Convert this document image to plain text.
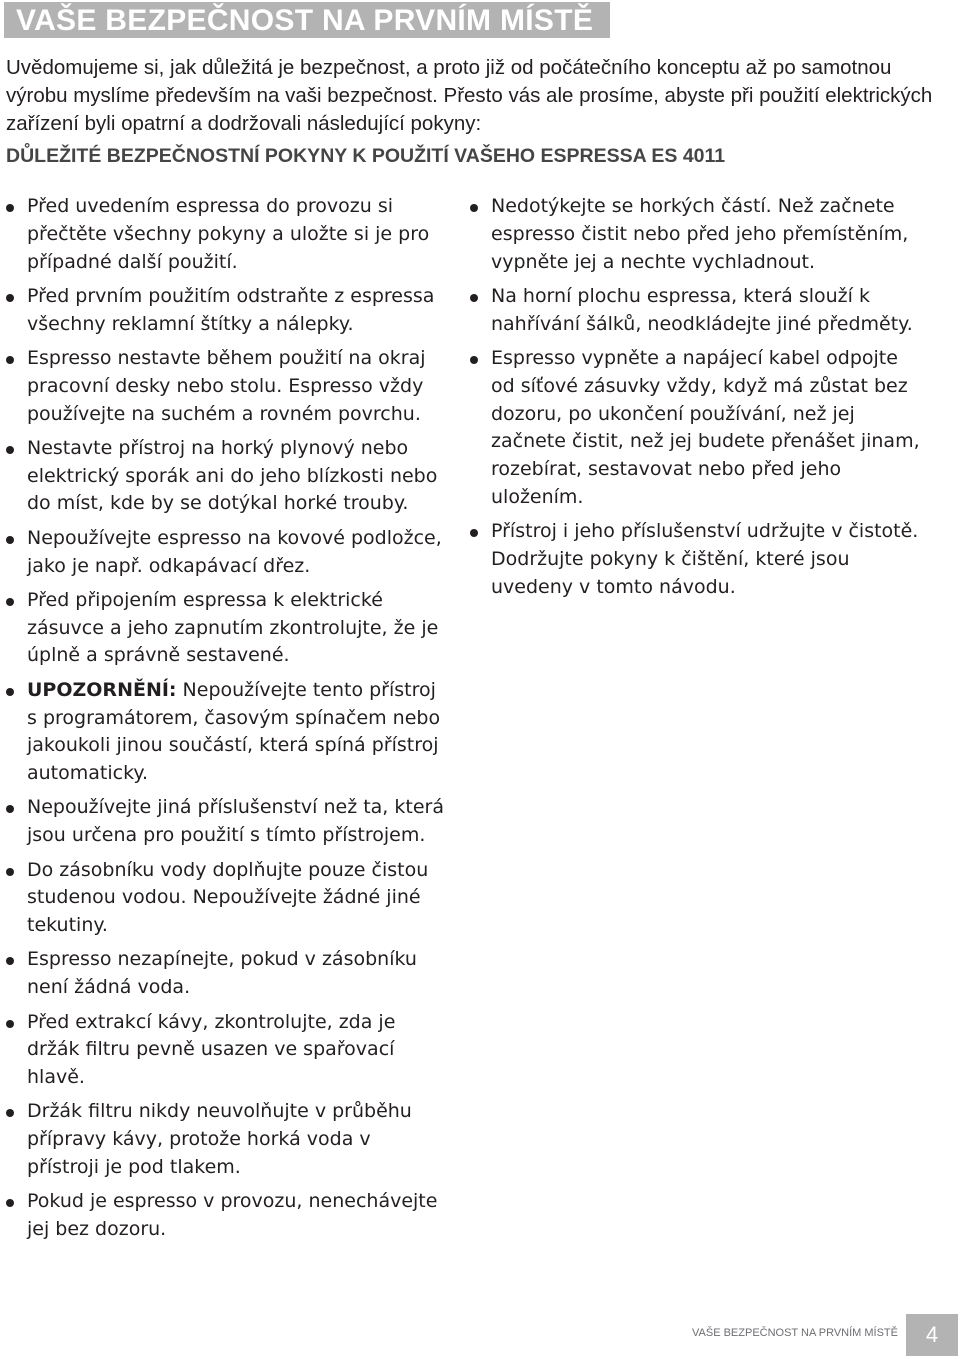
VAŠE BEZPEČNOST NA PRVNÍM MÍSTĚ

Uvědomujeme si, jak důležitá je bezpečnost, a proto již od počátečního konceptu až po samotnou výrobu myslíme především na vaši bezpečnost. Přesto vás ale prosíme, abyste při použití elektrických zařízení byli opatrní a dodržovali následující pokyny:

DŮLEŽITÉ BEZPEČNOSTNÍ POKYNY K POUŽITÍ VAŠEHO ESPRESSA ES 4011
Před uvedením espressa do provozu si přečtěte všechny pokyny a uložte si je pro případné další použití.
Před prvním použitím odstraňte z espressa všechny reklamní štítky a nálepky.
Espresso nestavte během použití na okraj pracovní desky nebo stolu. Espresso vždy používejte na suchém a rovném povrchu.
Nestavte přístroj na horký plynový nebo elektrický sporák ani do jeho blízkosti nebo do míst, kde by se dotýkal horké trouby.
Nepoužívejte espresso na kovové podložce, jako je např. odkapávací dřez.
Před připojením espressa k elektrické zásuvce a jeho zapnutím zkontrolujte, že je úplně a správně sestavené.
UPOZORNĚNÍ: Nepoužívejte tento přístroj s programátorem, časovým spínačem nebo jakoukoli jinou součástí, která spíná přístroj automaticky.
Nepoužívejte jiná příslušenství než ta, která jsou určena pro použití s tímto přístrojem.
Do zásobníku vody doplňujte pouze čistou studenou vodou. Nepoužívejte žádné jiné tekutiny.
Espresso nezapínejte, pokud v zásobníku není žádná voda.
Před extrakcí kávy, zkontrolujte, zda je držák filtru pevně usazen ve spařovací hlavě.
Držák filtru nikdy neuvolňujte v průběhu přípravy kávy, protože horká voda v přístroji je pod tlakem.
Pokud je espresso v provozu, nenechávejte jej bez dozoru.
Nedotýkejte se horkých částí. Než začnete espresso čistit nebo před jeho přemístěním, vypněte jej a nechte vychladnout.
Na horní plochu espressa, která slouží k nahřívání šálků, neodkládejte jiné předměty.
Espresso vypněte a napájecí kabel odpojte od síťové zásuvky vždy, když má zůstat bez dozoru, po ukončení používání, než jej začnete čistit, než jej budete přenášet jinam, rozebírat, sestavovat nebo před jeho uložením.
Přístroj i jeho příslušenství udržujte v čistotě. Dodržujte pokyny k čištění, které jsou uvedeny v tomto návodu.
VAŠE BEZPEČNOST NA PRVNÍM MÍSTĚ	4
